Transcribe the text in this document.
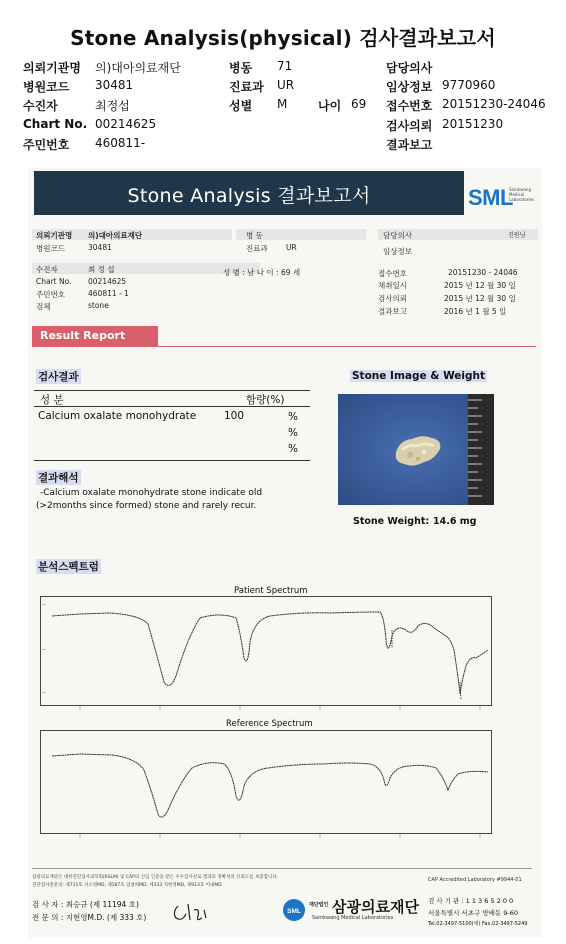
Stone Analysis(physical) 검사결과보고서
의뢰기관명 의)대아의료재단
병원코드 30481
수진자	최정섭
Chart No. 00214625
주민번호 460811-
병동 71
진료과 UR
성별 M	나이 69
담당의사
임상정보 9770960
접수번호 20151230-24046
검사의뢰 20151230
결과보고
Stone Analysis 결과보고서	SML
Samkwang
Medical
Laboratories
의뢰기관명 의)대아의료재단
병원코드	30481
병 동
진료과 UR
담당의사	진원님
임상정보
수진자	최 정 섭	성 별 : 남 나 이 : 69 세
Chart No. 00214625
주민번호	460811 - 1
검체	stone
접수번호	20151230 - 24046
채취일시	2015 년 12 월 30 일
검사의뢰	2015 년 12 월 30 일
결과보고	2016 년 1 월 5 일
Result Report
검사결과
성 분	함량(%)
Calcium oxalate monohydrate	100	%
%
%
결과해석
-Calcium oxalate monohydrate stone indicate old
(>2months since formed) stone and rarely recur.
Stone Image & Weight
Stone Weight: 14.6 mg
분석스펙트럼
Patient Spectrum
—
—
—
Reference Spectrum
삼광의료재단은 대한진단검사의학회(KSLM) 및 CAP의 신임 인증을 받은 우수검사실로 결과의 정확성과 신뢰도를 보증합니다.
진단검사전문의: 제711호 서소영MD, 제187호 임창희MD, 제333 지현영MD, 제913호 이내MD
CAP Accredited Laboratory #9944-01
검 사 자 : 최승규 (제 11194 호)
전 문 의 : 지현영M.D. (제 333 호)
SML
재단법인 삼광의료재단
Samkwang Medical Laboratories
검 사 기 관 : 1 1 3 6 5 2 0 0
서울특별시 서초구 방배동 9-60
Tel.02-3497-5100(대) Fax.02-3497-5249
